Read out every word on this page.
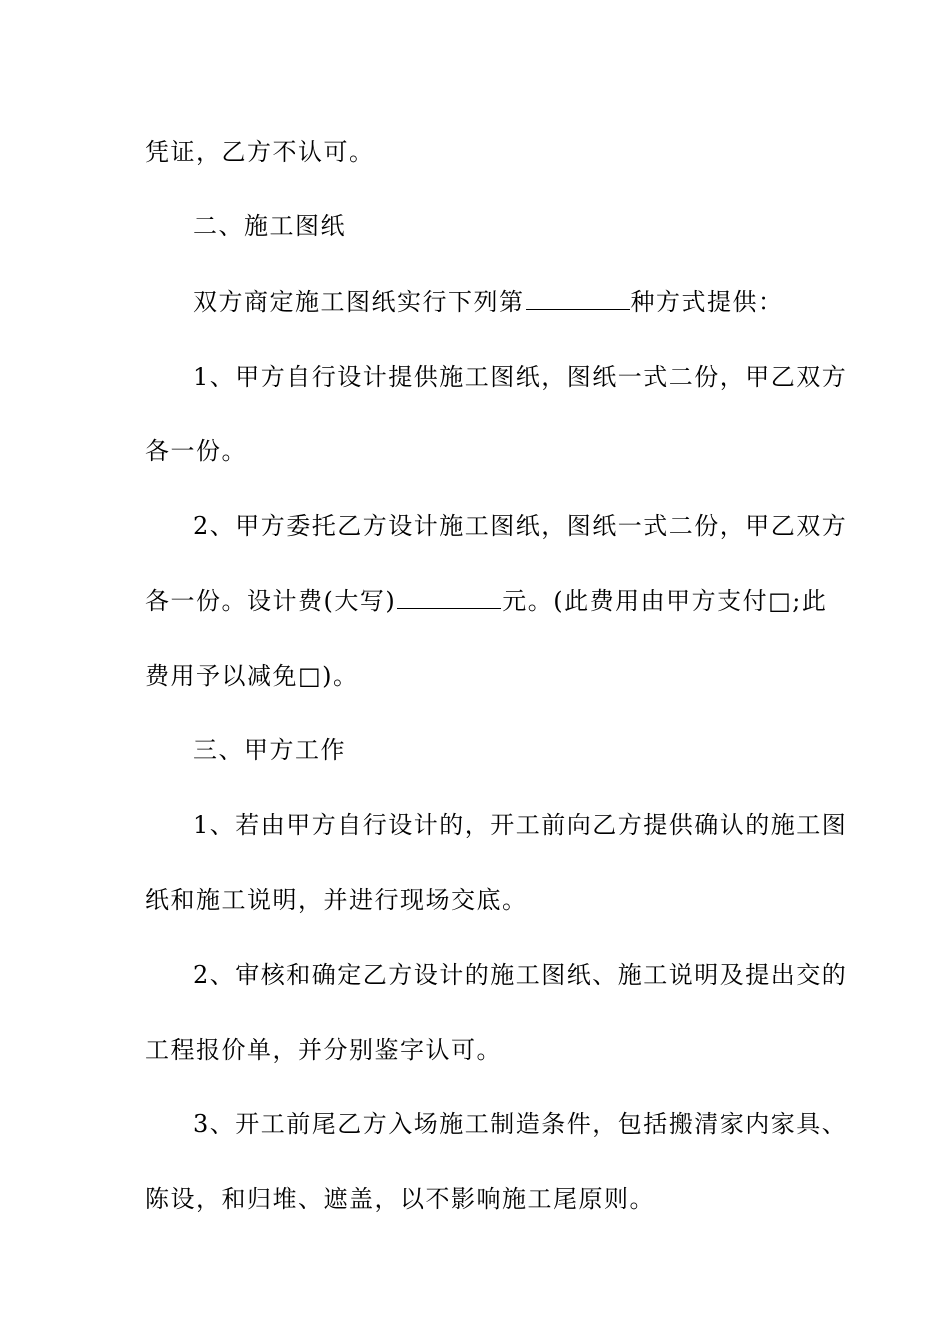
凭证，乙方不认可。
二、施工图纸
双方商定施工图纸实行下列第	种方式提供：
1、甲方自行设计提供施工图纸，图纸一式二份，甲乙双方
各一份。
2、甲方委托乙方设计施工图纸，图纸一式二份，甲乙双方
各一份。设计费(大写)	元。(此费用由甲方支付□;此
费用予以减免□)。
三、甲方工作
1、若由甲方自行设计的，开工前向乙方提供确认的施工图
纸和施工说明，并进行现场交底。
2、审核和确定乙方设计的施工图纸、施工说明及提出交的
工程报价单，并分别鉴字认可。
3、开工前尾乙方入场施工制造条件，包括搬清家内家具、
陈设，和归堆、遮盖，以不影响施工尾原则。
